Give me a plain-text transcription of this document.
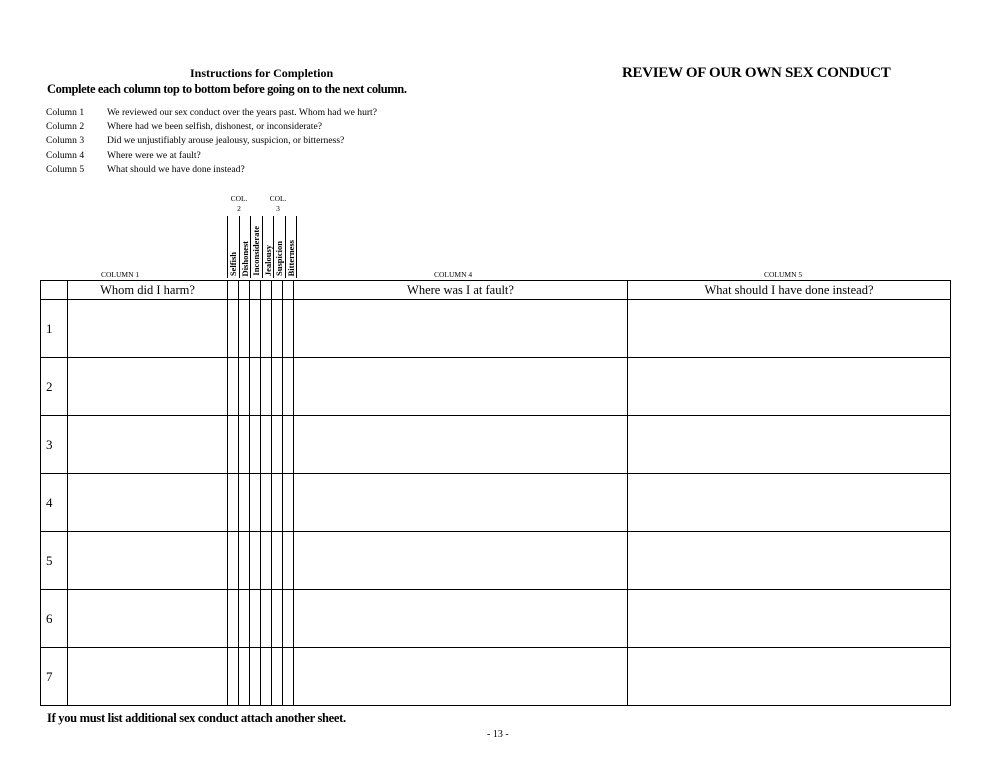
Instructions for Completion
Complete each column top to bottom before going on to the next column.
REVIEW OF OUR OWN SEX CONDUCT
Column 1	We reviewed our sex conduct over the years past. Whom had we hurt?
Column 2	Where had we been selfish, dishonest, or inconsiderate?
Column 3	Did we unjustifiably arouse jealousy, suspicion, or bitterness?
Column 4	Where were we at fault?
Column 5	What should we have done instead?
COL.
2
COL.
3
Selfish Dishonest Inconsiderate Jealousy Suspicion Bitterness
COLUMN 1	COLUMN 4	COLUMN 5
	Whom did I harm?							Where was I at fault?	What should I have done instead?
1									
2									
3									
4									
5									
6									
7									
If you must list additional sex conduct attach another sheet.
- 13 -
